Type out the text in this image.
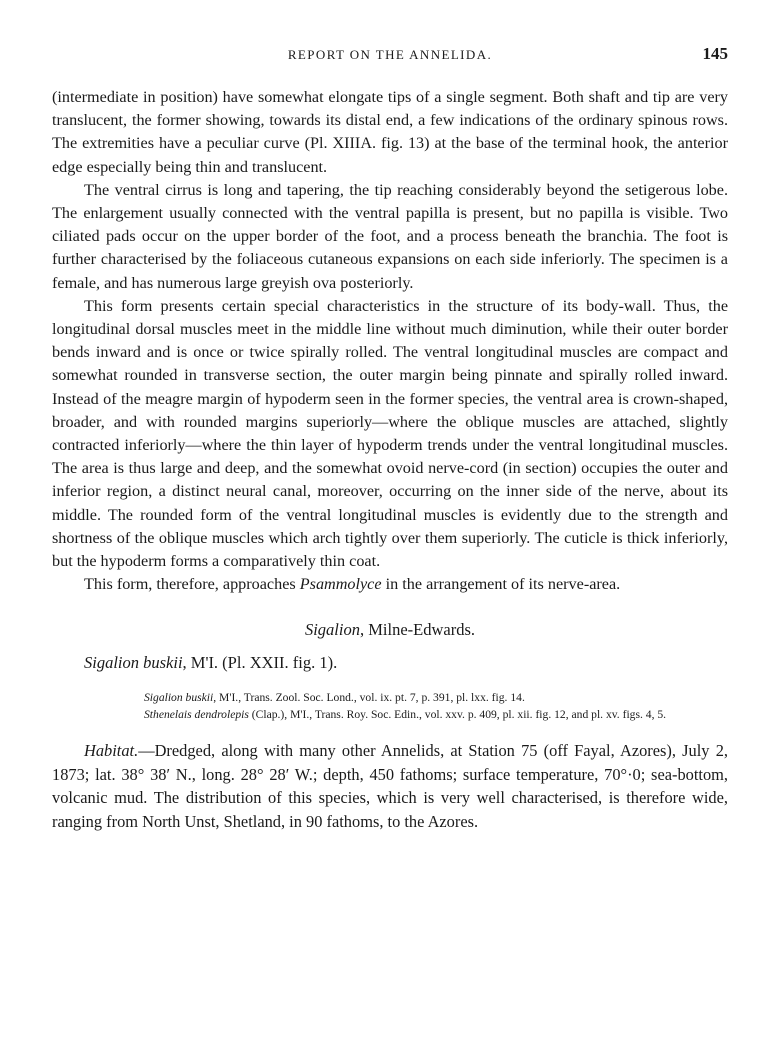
REPORT ON THE ANNELIDA.	145

(intermediate in position) have somewhat elongate tips of a single segment. Both shaft and tip are very translucent, the former showing, towards its distal end, a few indications of the ordinary spinous rows. The extremities have a peculiar curve (Pl. XIIIA. fig. 13) at the base of the terminal hook, the anterior edge especially being thin and translucent.

The ventral cirrus is long and tapering, the tip reaching considerably beyond the setigerous lobe. The enlargement usually connected with the ventral papilla is present, but no papilla is visible. Two ciliated pads occur on the upper border of the foot, and a process beneath the branchia. The foot is further characterised by the foliaceous cutaneous expansions on each side inferiorly. The specimen is a female, and has numerous large greyish ova posteriorly.

This form presents certain special characteristics in the structure of its body-wall. Thus, the longitudinal dorsal muscles meet in the middle line without much diminution, while their outer border bends inward and is once or twice spirally rolled. The ventral longitudinal muscles are compact and somewhat rounded in transverse section, the outer margin being pinnate and spirally rolled inward. Instead of the meagre margin of hypoderm seen in the former species, the ventral area is crown-shaped, broader, and with rounded margins superiorly—where the oblique muscles are attached, slightly contracted inferiorly—where the thin layer of hypoderm trends under the ventral longitudinal muscles. The area is thus large and deep, and the somewhat ovoid nerve-cord (in section) occupies the outer and inferior region, a distinct neural canal, moreover, occurring on the inner side of the nerve, about its middle. The rounded form of the ventral longitudinal muscles is evidently due to the strength and shortness of the oblique muscles which arch tightly over them superiorly. The cuticle is thick inferiorly, but the hypoderm forms a comparatively thin coat.

This form, therefore, approaches Psammolyce in the arrangement of its nerve-area.

Sigalion, Milne-Edwards.
Sigalion buskii, M'I. (Pl. XXII. fig. 1).

Sigalion buskii, M'I., Trans. Zool. Soc. Lond., vol. ix. pt. 7, p. 391, pl. lxx. fig. 14.

Sthenelais dendrolepis (Clap.), M'I., Trans. Roy. Soc. Edin., vol. xxv. p. 409, pl. xii. fig. 12, and pl. xv. figs. 4, 5.

Habitat.—Dredged, along with many other Annelids, at Station 75 (off Fayal, Azores), July 2, 1873; lat. 38° 38′ N., long. 28° 28′ W.; depth, 450 fathoms; surface temperature, 70°·0; sea-bottom, volcanic mud. The distribution of this species, which is very well characterised, is therefore wide, ranging from North Unst, Shetland, in 90 fathoms, to the Azores.
